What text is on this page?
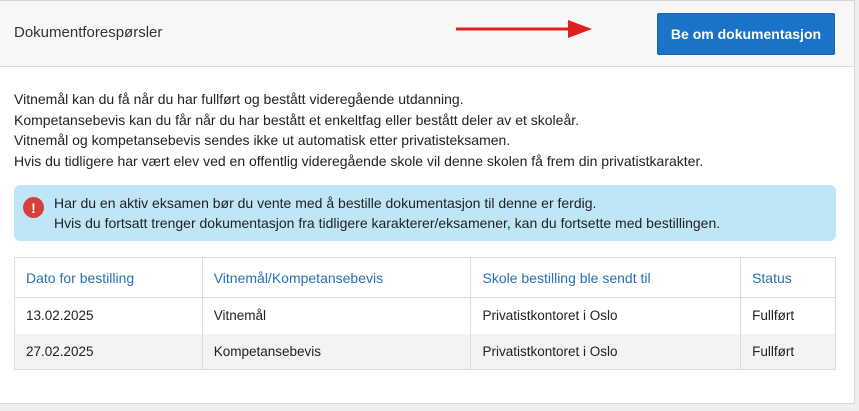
Dokumentforespørsler	Be om dokumentasjon
Vitnemål kan du få når du har fullført og bestått videregående utdanning.
Kompetansebevis kan du får når du har bestått et enkeltfag eller bestått deler av et skoleår.
Vitnemål og kompetansebevis sendes ikke ut automatisk etter privatisteksamen.
Hvis du tidligere har vært elev ved en offentlig videregående skole vil denne skolen få frem din privatistkarakter.
!	Har du en aktiv eksamen bør du vente med å bestille dokumentasjon til denne er ferdig.
Hvis du fortsatt trenger dokumentasjon fra tidligere karakterer/eksamener, kan du fortsette med bestillingen.
Dato for bestilling	Vitnemål/Kompetansebevis	Skole bestilling ble sendt til	Status
13.02.2025	Vitnemål	Privatistkontoret i Oslo	Fullført
27.02.2025	Kompetansebevis	Privatistkontoret i Oslo	Fullført
